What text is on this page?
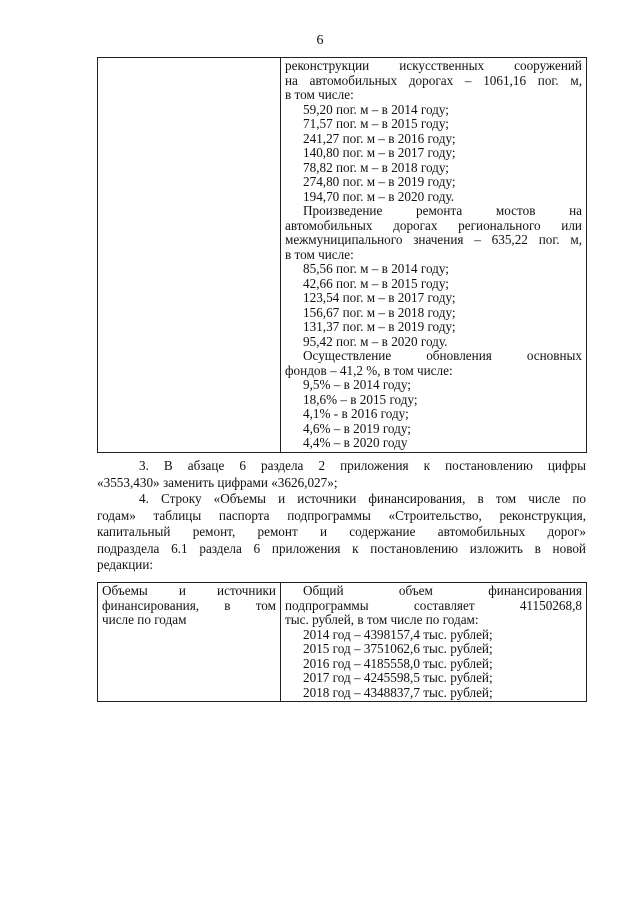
6

реконструкции искусственных сооружений
на автомобильных дорогах – 1061,16 пог. м,
в том числе:
59,20 пог. м – в 2014 году;
71,57 пог. м – в 2015 году;
241,27 пог. м – в 2016 году;
140,80 пог. м – в 2017 году;
78,82 пог. м – в 2018 году;
274,80 пог. м – в 2019 году;
194,70 пог. м – в 2020 году.
Произведение ремонта мостов на
автомобильных дорогах регионального или
межмуниципального значения – 635,22 пог. м,
в том числе:
85,56 пог. м – в 2014 году;
42,66 пог. м – в 2015 году;
123,54 пог. м – в 2017 году;
156,67 пог. м – в 2018 году;
131,37 пог. м – в 2019 году;
95,42 пог. м – в 2020 году.
Осуществление обновления основных
фондов – 41,2 %, в том числе:
9,5% – в 2014 году;
18,6% – в 2015 году;
4,1% - в 2016 году;
4,6% – в 2019 году;
4,4% – в 2020 году
3. В абзаце 6 раздела 2 приложения к постановлению цифры
«3553,430» заменить цифрами «3626,027»;
4. Строку «Объемы и источники финансирования, в том числе по
годам» таблицы паспорта подпрограммы «Строительство, реконструкция,
капитальный ремонт, ремонт и содержание автомобильных дорог»
подраздела 6.1 раздела 6 приложения к постановлению изложить в новой
редакции:
Объемы и источники
финансирования, в том
числе по годам

Общий объем финансирования
подпрограммы составляет 41150268,8
тыс. рублей, в том числе по годам:
2014 год – 4398157,4 тыс. рублей;
2015 год – 3751062,6 тыс. рублей;
2016 год – 4185558,0 тыс. рублей;
2017 год – 4245598,5 тыс. рублей;
2018 год – 4348837,7 тыс. рублей;
